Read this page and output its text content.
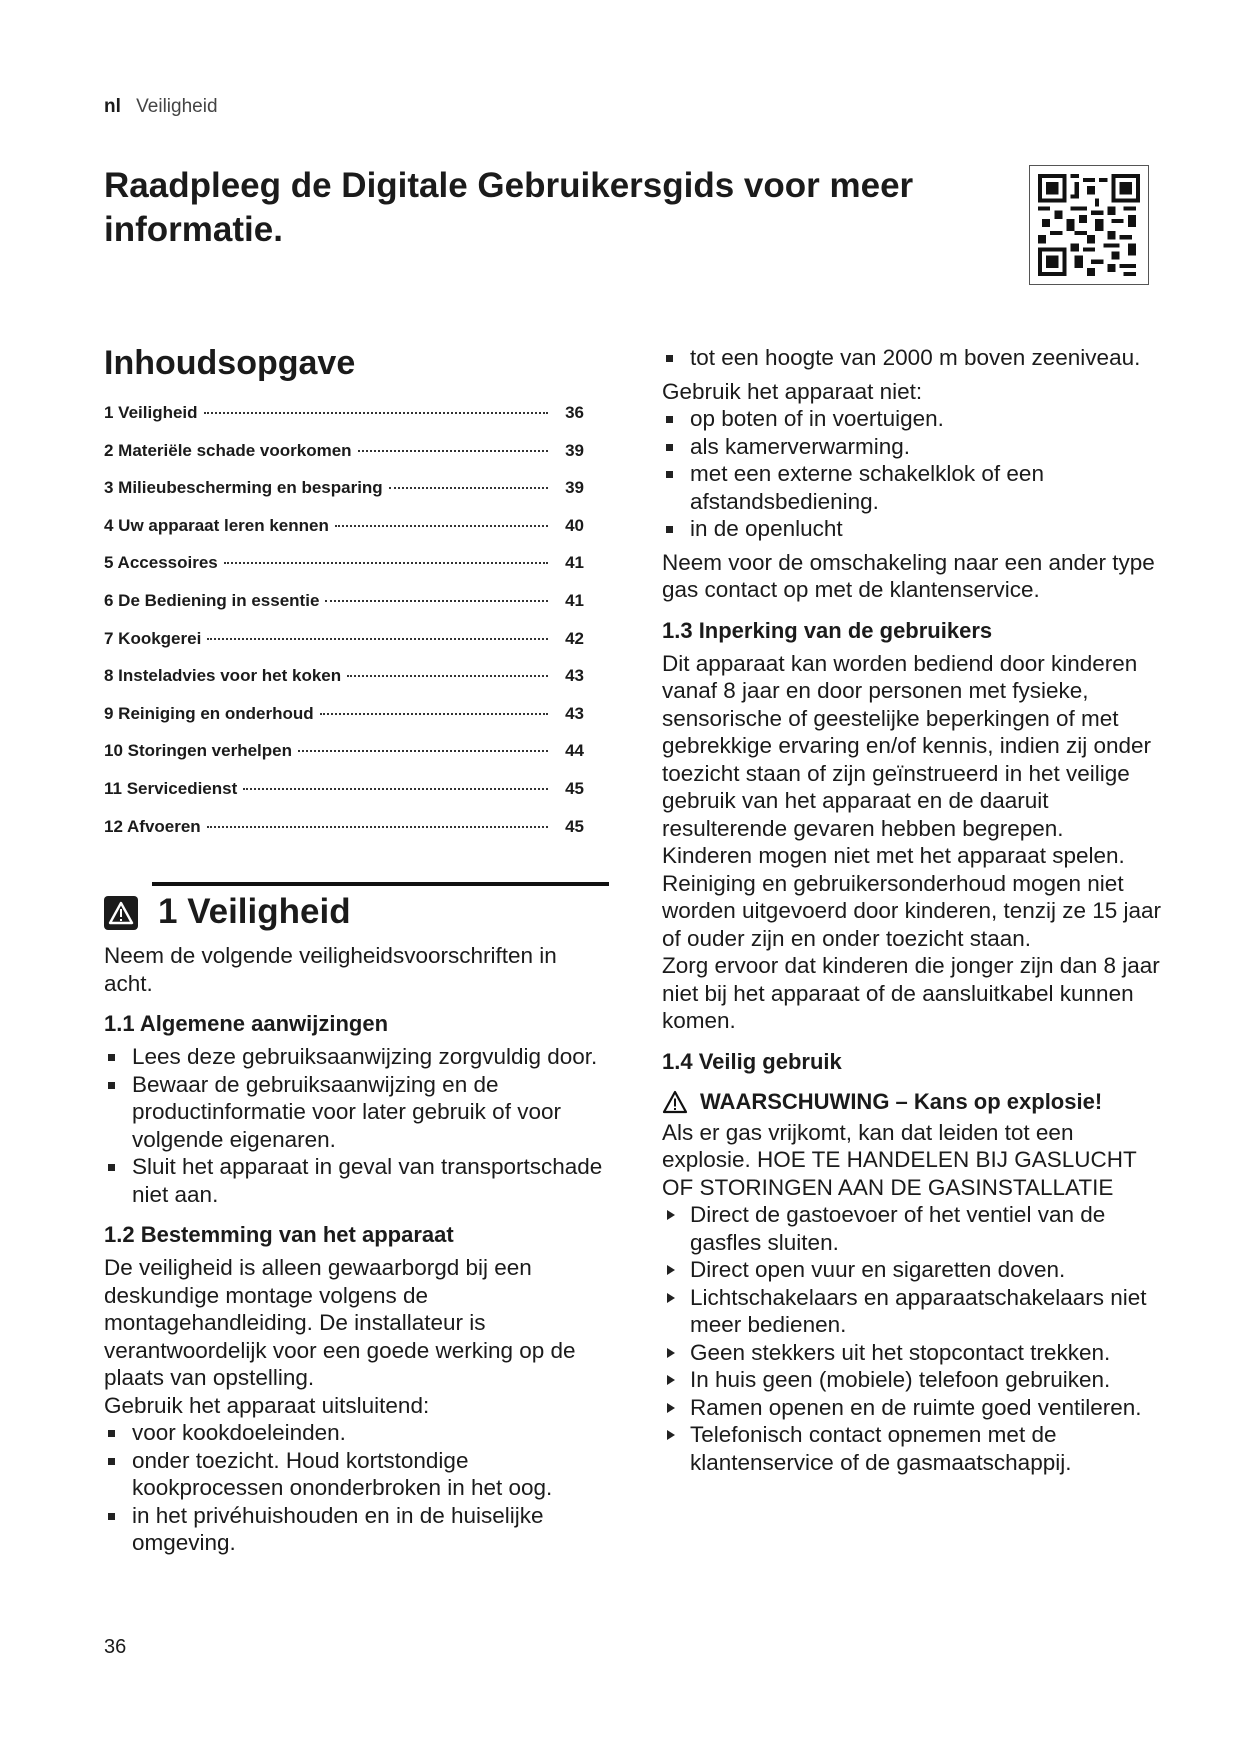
nl Veiligheid
Raadpleeg de Digitale Gebruikersgids voor meer informatie.
Inhoudsopgave
1 Veiligheid	36
2 Materiële schade voorkomen	39
3 Milieubescherming en besparing	39
4 Uw apparaat leren kennen	40
5 Accessoires	41
6 De Bediening in essentie	41
7 Kookgerei	42
8 Insteladvies voor het koken	43
9 Reiniging en onderhoud	43
10 Storingen verhelpen	44
11 Servicedienst	45
12 Afvoeren	45
1 Veiligheid

Neem de volgende veiligheidsvoorschriften in acht.

1.1 Algemene aanwijzingen
Lees deze gebruiksaanwijzing zorgvuldig door.
Bewaar de gebruiksaanwijzing en de productinformatie voor later gebruik of voor volgende eigenaren.
Sluit het apparaat in geval van transportschade niet aan.
1.2 Bestemming van het apparaat

De veiligheid is alleen gewaarborgd bij een deskundige montage volgens de montagehandleiding. De installateur is verantwoordelijk voor een goede werking op de plaats van opstelling.

Gebruik het apparaat uitsluitend:

voor kookdoeleinden.
onder toezicht. Houd kortstondige kookprocessen ononderbroken in het oog.
in het privéhuishouden en in de huiselijke omgeving.
tot een hoogte van 2000 m boven zeeniveau.

Gebruik het apparaat niet:

op boten of in voertuigen.
als kamerverwarming.
met een externe schakelklok of een afstandsbediening.
in de openlucht

Neem voor de omschakeling naar een ander type gas contact op met de klantenservice.

1.3 Inperking van de gebruikers

Dit apparaat kan worden bediend door kinderen vanaf 8 jaar en door personen met fysieke, sensorische of geestelijke beperkingen of met gebrekkige ervaring en/of kennis, indien zij onder toezicht staan of zijn geïnstrueerd in het veilige gebruik van het apparaat en de daaruit resulterende gevaren hebben begrepen.

Kinderen mogen niet met het apparaat spelen.

Reiniging en gebruikersonderhoud mogen niet worden uitgevoerd door kinderen, tenzij ze 15 jaar of ouder zijn en onder toezicht staan.

Zorg ervoor dat kinderen die jonger zijn dan 8 jaar niet bij het apparaat of de aansluitkabel kunnen komen.

1.4 Veilig gebruik
WAARSCHUWING – Kans op explosie!

Als er gas vrijkomt, kan dat leiden tot een explosie. HOE TE HANDELEN BIJ GASLUCHT OF STORINGEN AAN DE GASINSTALLATIE

Direct de gastoevoer of het ventiel van de gasfles sluiten.
Direct open vuur en sigaretten doven.
Lichtschakelaars en apparaatschakelaars niet meer bedienen.
Geen stekkers uit het stopcontact trekken.
In huis geen (mobiele) telefoon gebruiken.
Ramen openen en de ruimte goed ventileren.
Telefonisch contact opnemen met de klantenservice of de gasmaatschappij.
36
